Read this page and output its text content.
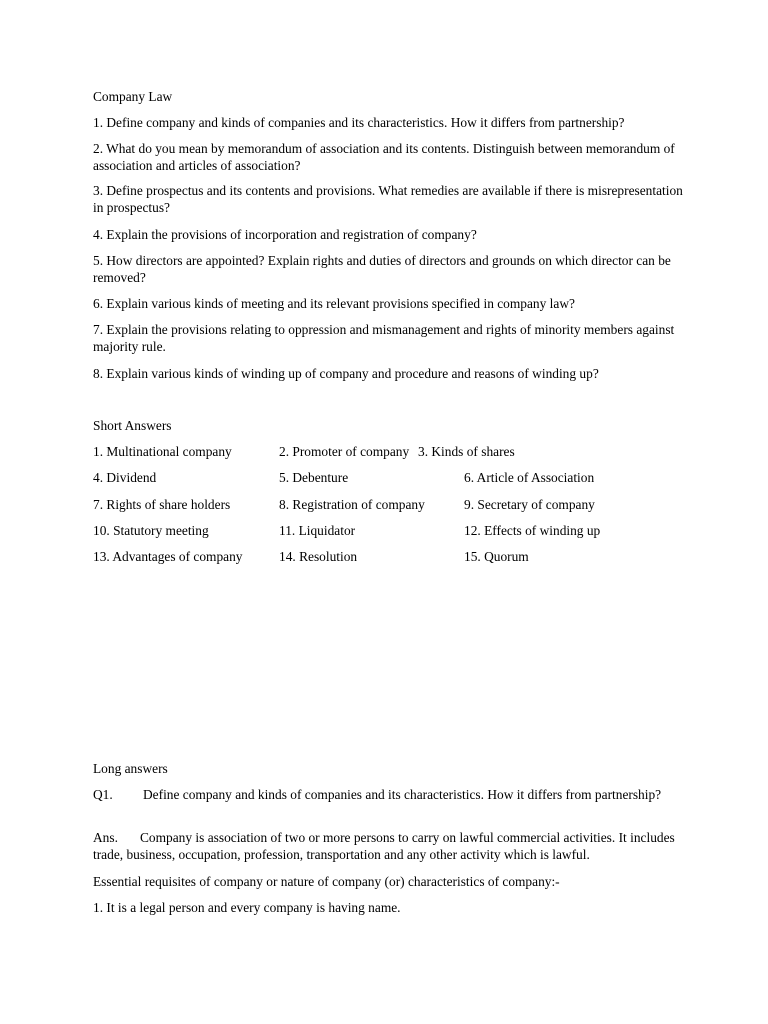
Company Law

1. Define company and kinds of companies and its characteristics. How it differs from partnership?

2. What do you mean by memorandum of association and its contents. Distinguish between memorandum of association and articles of association?

3. Define prospectus and its contents and provisions. What remedies are available if there is misrepresentation in prospectus?

4. Explain the provisions of incorporation and registration of company?

5. How directors are appointed? Explain rights and duties of directors and grounds on which director can be removed?

6. Explain various kinds of meeting and its relevant provisions specified in company law?

7. Explain the provisions relating to oppression and mismanagement and rights of minority members against majority rule.

8. Explain various kinds of winding up of company and procedure and reasons of winding up?

Short Answers

1. Multinational company	2. Promoter of company 3. Kinds of shares
4. Dividend	5. Debenture	6. Article of Association
7. Rights of share holders	8. Registration of company	9. Secretary of company
10. Statutory meeting	11. Liquidator	12. Effects of winding up
13. Advantages of company	14. Resolution	15. Quorum

Long answers

Q1. Define company and kinds of companies and its characteristics. How it differs from partnership?

Ans. Company is association of two or more persons to carry on lawful commercial activities. It includes trade, business, occupation, profession, transportation and any other activity which is lawful.

Essential requisites of company or nature of company (or) characteristics of company:-

1. It is a legal person and every company is having name.
